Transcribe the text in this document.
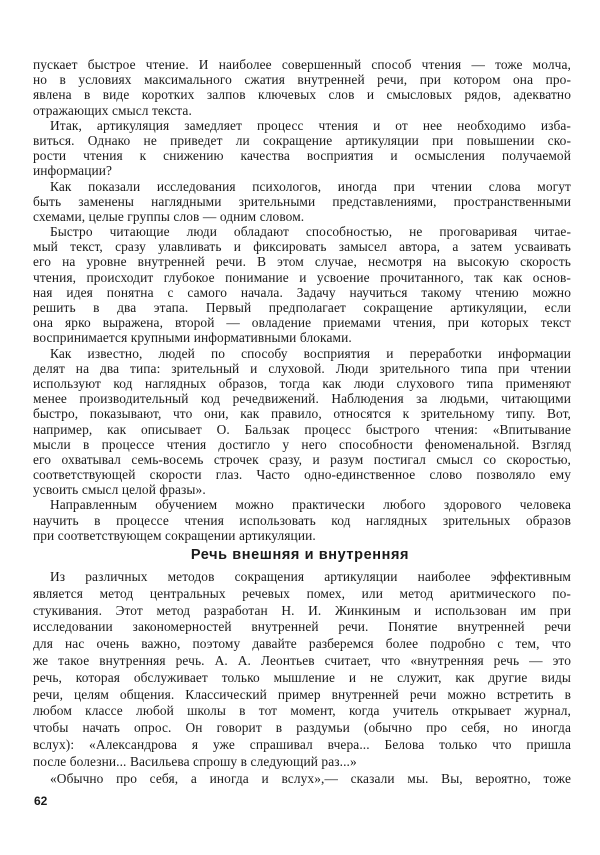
пускает быстрое чтение. И наиболее совершенный способ чтения — тоже молча,
но в условиях максимального сжатия внутренней речи, при котором она про-
явлена в виде коротких залпов ключевых слов и смысловых рядов, адекватно
отражающих смысл текста.
Итак, артикуляция замедляет процесс чтения и от нее необходимо изба-
виться. Однако не приведет ли сокращение артикуляции при повышении ско-
рости чтения к снижению качества восприятия и осмысления получаемой
информации?
Как показали исследования психологов, иногда при чтении слова могут
быть заменены наглядными зрительными представлениями, пространственными
схемами, целые группы слов — одним словом.
Быстро читающие люди обладают способностью, не проговаривая читае-
мый текст, сразу улавливать и фиксировать замысел автора, а затем усваивать
его на уровне внутренней речи. В этом случае, несмотря на высокую скорость
чтения, происходит глубокое понимание и усвоение прочитанного, так как основ-
ная идея понятна с самого начала. Задачу научиться такому чтению можно
решить в два этапа. Первый предполагает сокращение артикуляции, если
она ярко выражена, второй — овладение приемами чтения, при которых текст
воспринимается крупными информативными блоками.
Как известно, людей по способу восприятия и переработки информации
делят на два типа: зрительный и слуховой. Люди зрительного типа при чтении
используют код наглядных образов, тогда как люди слухового типа применяют
менее производительный код речедвижений. Наблюдения за людьми, читающими
быстро, показывают, что они, как правило, относятся к зрительному типу. Вот,
например, как описывает О. Бальзак процесс быстрого чтения: «Впитывание
мысли в процессе чтения достигло у него способности феноменальной. Взгляд
его охватывал семь-восемь строчек сразу, и разум постигал смысл со скоростью,
соответствующей скорости глаз. Часто одно-единственное слово позволяло ему
усвоить смысл целой фразы».
Направленным обучением можно практически любого здорового человека
научить в процессе чтения использовать код наглядных зрительных образов
при соответствующем сокращении артикуляции.
Речь внешняя и внутренняя
Из различных методов сокращения артикуляции наиболее эффективным
является метод центральных речевых помех, или метод аритмического по-
стукивания. Этот метод разработан Н. И. Жинкиным и использован им при
исследовании закономерностей внутренней речи. Понятие внутренней речи
для нас очень важно, поэтому давайте разберемся более подробно с тем, что
же такое внутренняя речь. А. А. Леонтьев считает, что «внутренняя речь — это
речь, которая обслуживает только мышление и не служит, как другие виды
речи, целям общения. Классический пример внутренней речи можно встретить в
любом классе любой школы в тот момент, когда учитель открывает журнал,
чтобы начать опрос. Он говорит в раздумьи (обычно про себя, но иногда
вслух): «Александрова я уже спрашивал вчера... Белова только что пришла
после болезни... Васильева спрошу в следующий раз...»
«Обычно про себя, а иногда и вслух»,— сказали мы. Вы, вероятно, тоже
62
